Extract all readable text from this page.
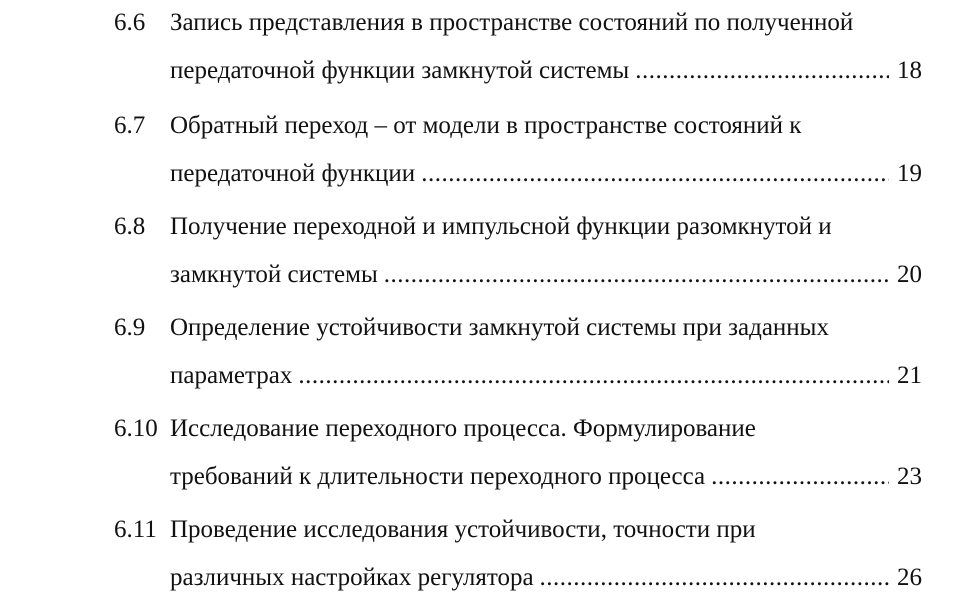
6.6 Запись представления в пространстве состояний по полученной
передаточной функции замкнутой системы .....	18
6.7 Обратный переход – от модели в пространстве состояний к
передаточной функции .....	19
6.8 Получение переходной и импульсной функции разомкнутой и
замкнутой системы .....	20
6.9 Определение устойчивости замкнутой системы при заданных
параметрах .....	21
6.10 Исследование переходного процесса. Формулирование
требований к длительности переходного процесса .....	23
6.11 Проведение исследования устойчивости, точности при
различных настройках регулятора .....	26
